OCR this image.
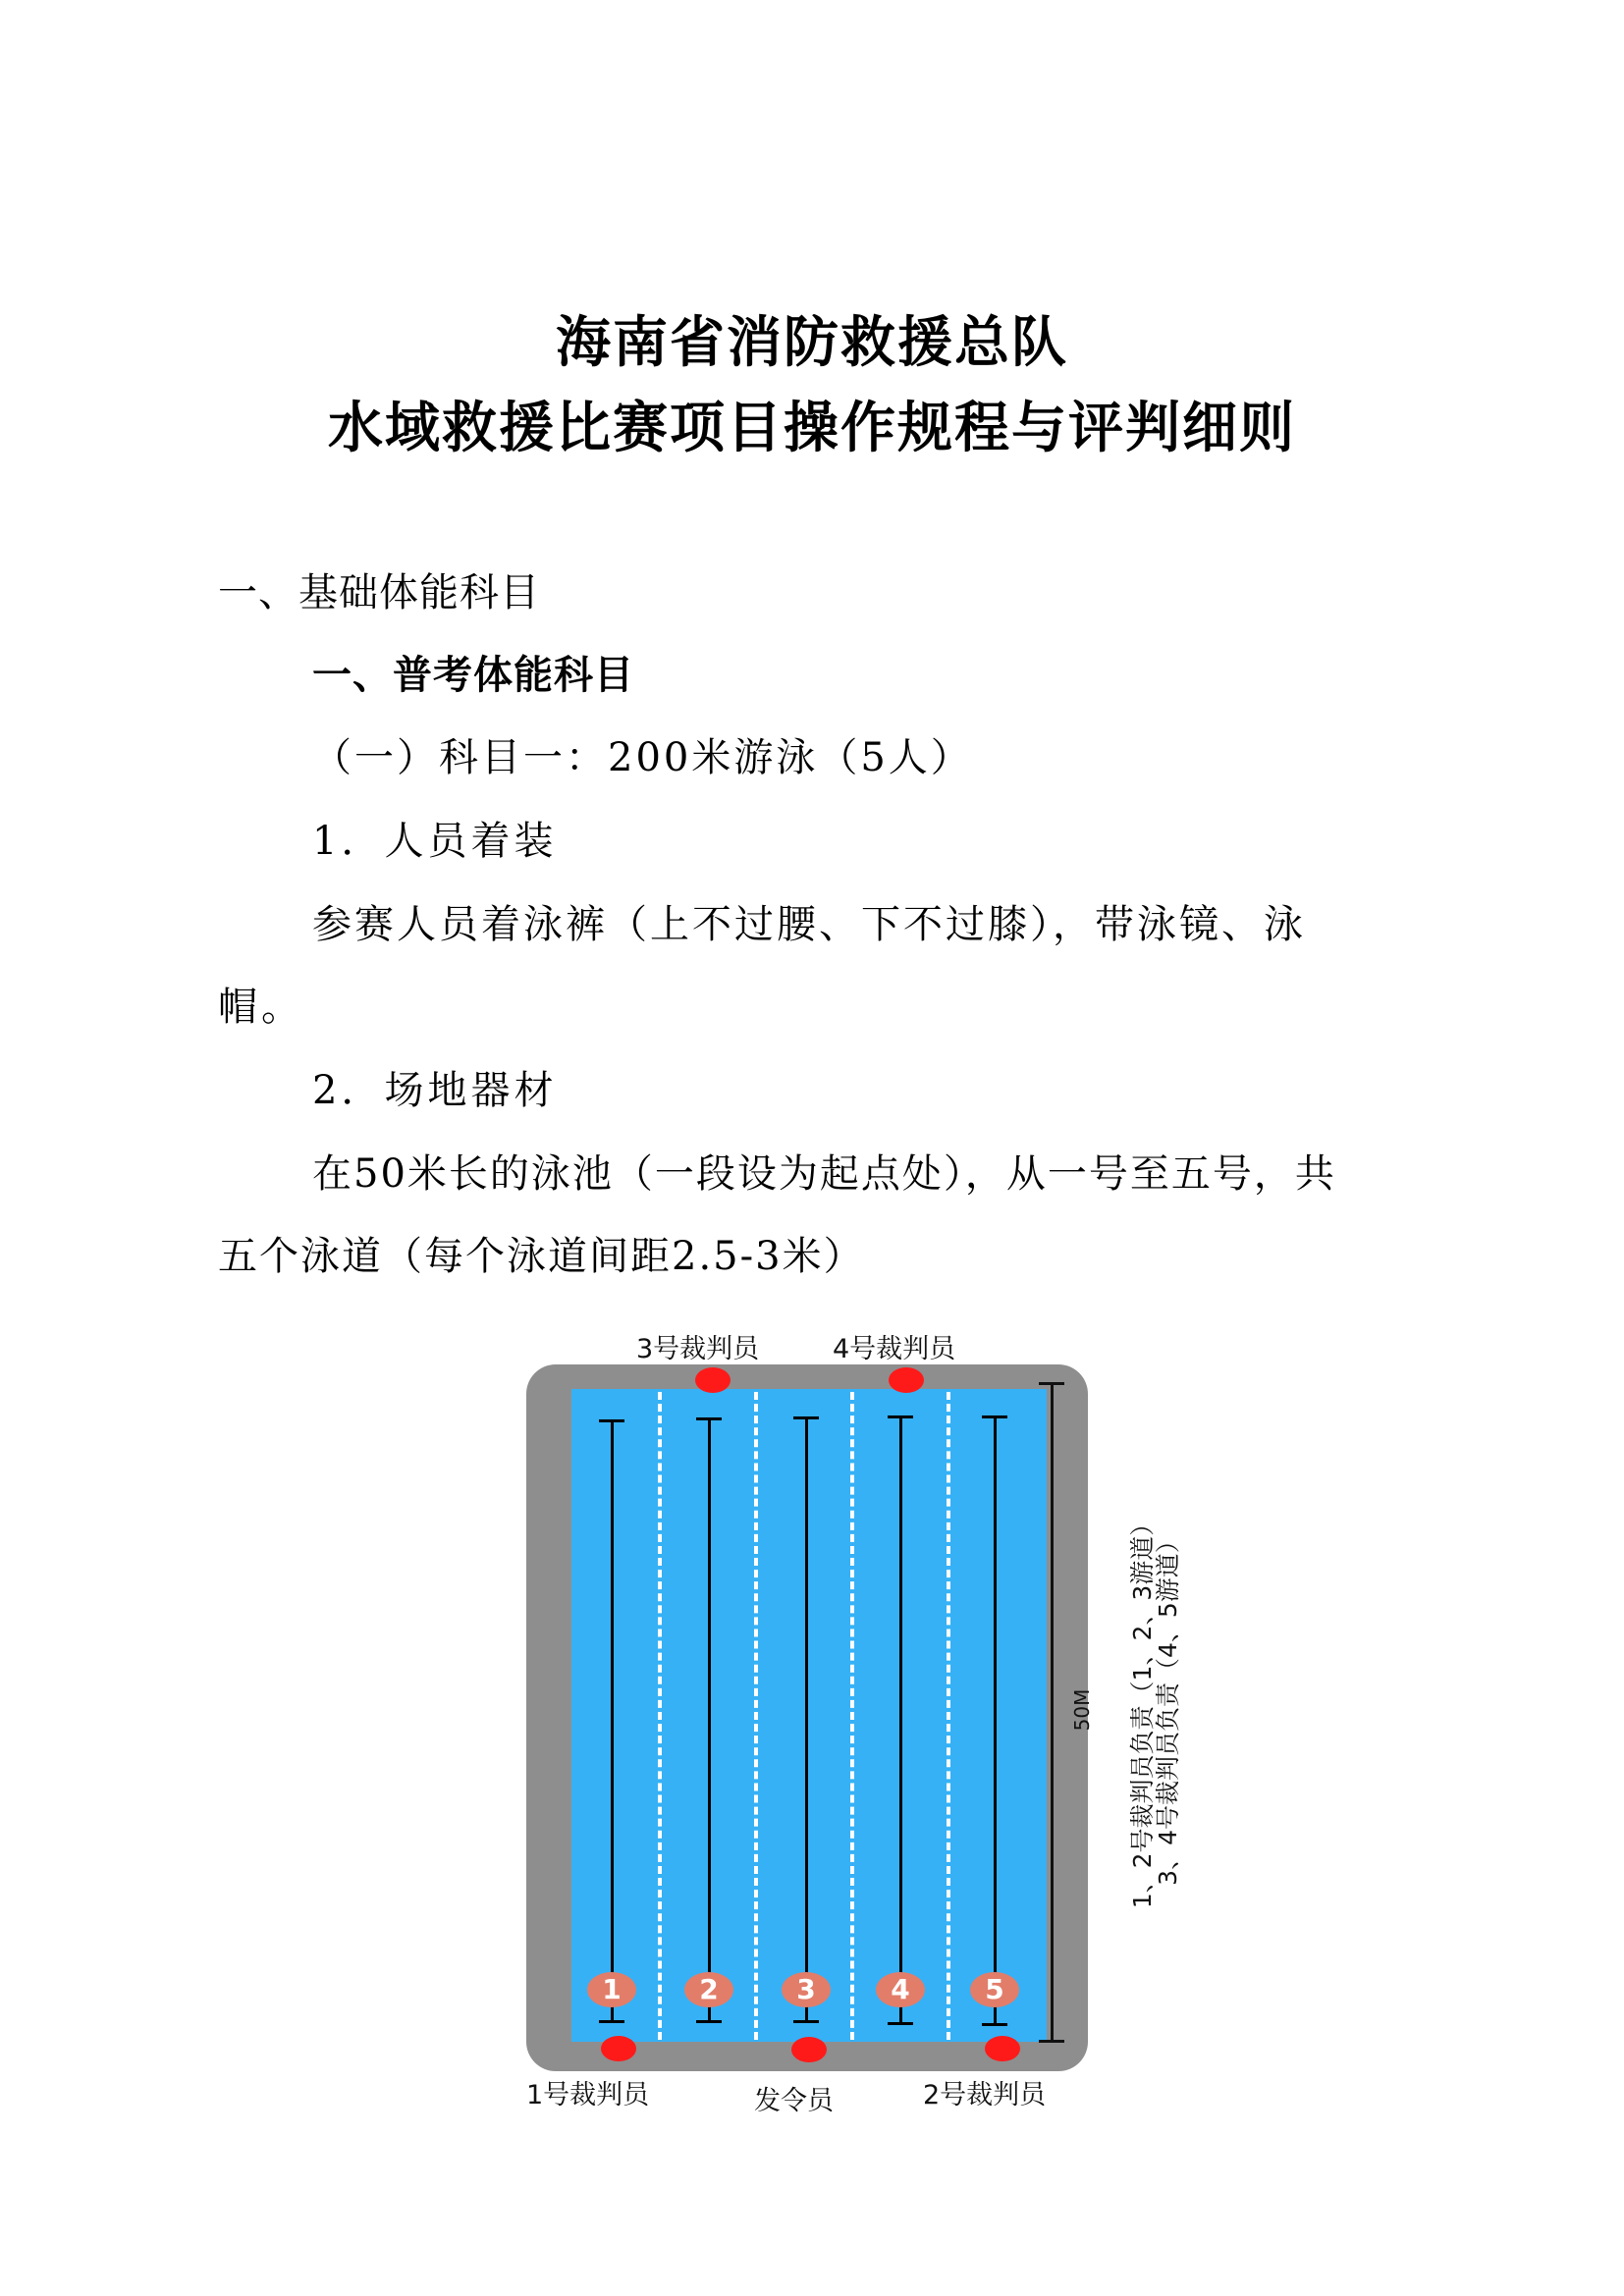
海南省消防救援总队
水域救援比赛项目操作规程与评判细则
一、基础体能科目
一、普考体能科目
（一）科目一：200米游泳（5人）
1．人员着装
参赛人员着泳裤（上不过腰、下不过膝），带泳镜、泳
帽。
2．场地器材
在50米长的泳池（一段设为起点处），从一号至五号，共
五个泳道（每个泳道间距2.5-3米）
3号裁判员	4号裁判员
1	2	3	4	5
50M
1号裁判员	发令员	2号裁判员
1、2号裁判员负责（1、2、3游道）
3、4号裁判员负责（4、5游道）
